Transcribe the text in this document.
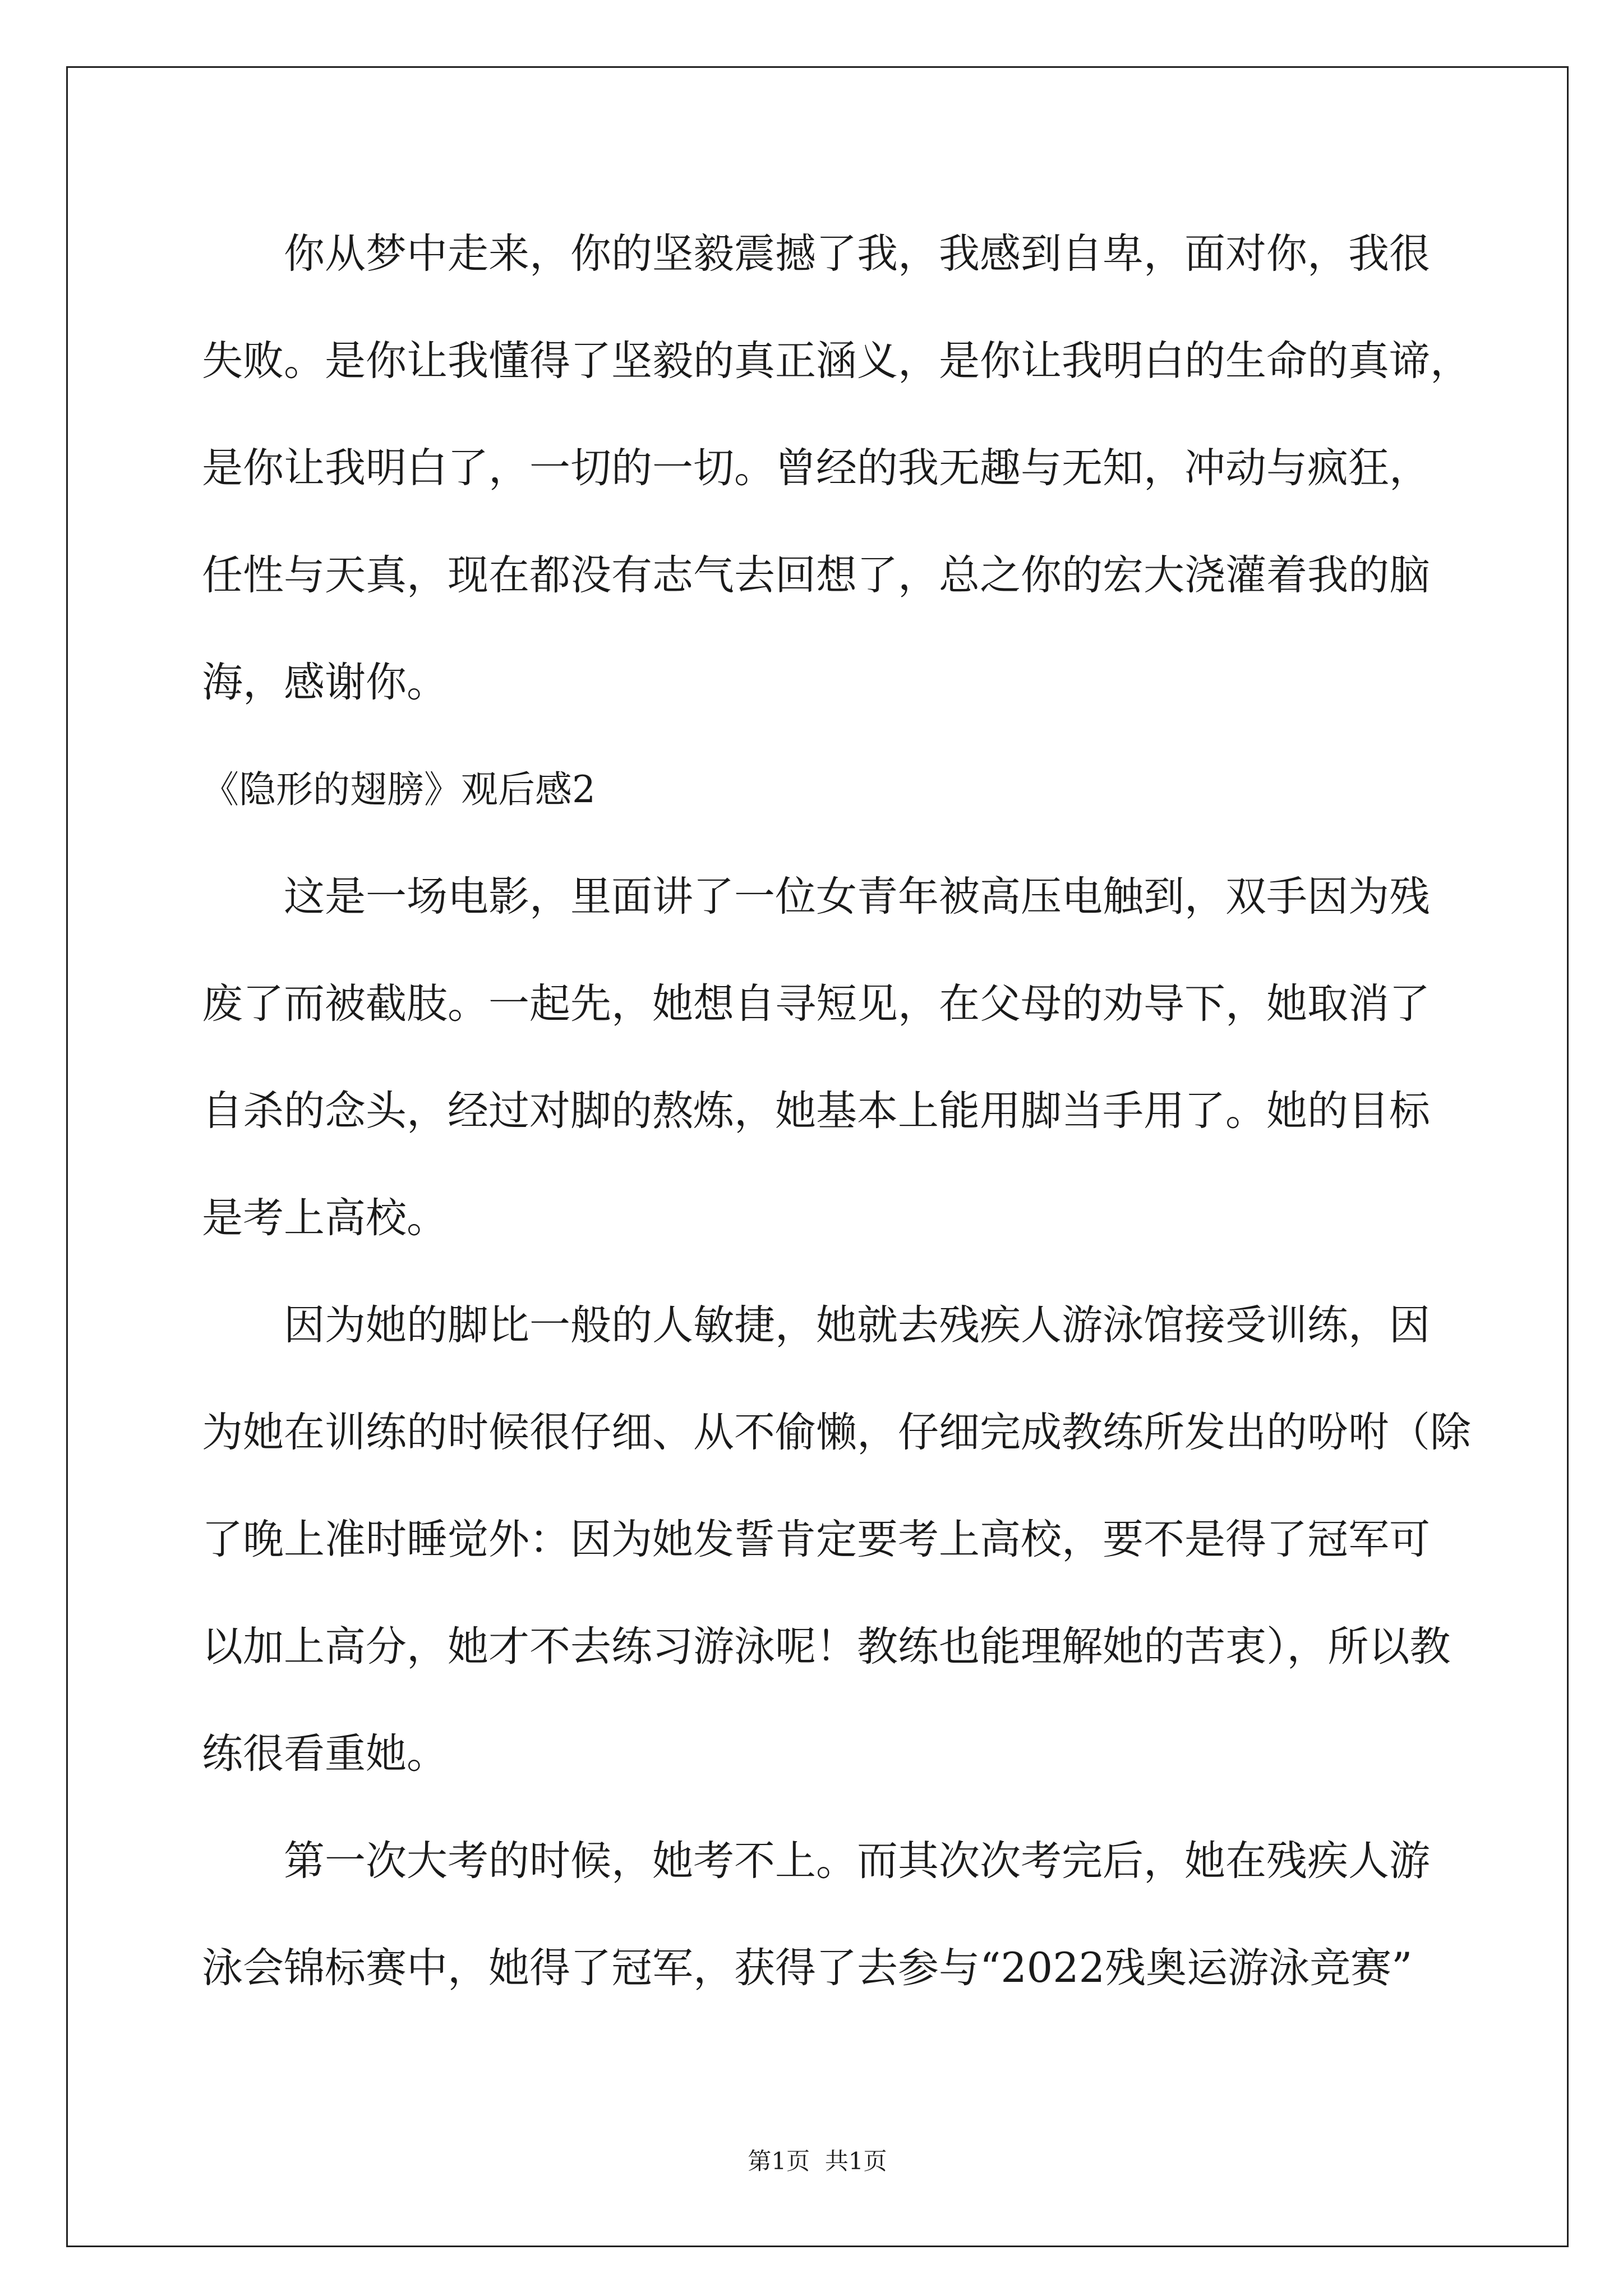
你从梦中走来，你的坚毅震撼了我，我感到自卑，面对你，我很
失败。是你让我懂得了坚毅的真正涵义，是你让我明白的生命的真谛，
是你让我明白了，一切的一切。曾经的我无趣与无知，冲动与疯狂，
任性与天真，现在都没有志气去回想了，总之你的宏大浇灌着我的脑
海，感谢你。
《隐形的翅膀》观后感2
这是一场电影，里面讲了一位女青年被高压电触到，双手因为残
废了而被截肢。一起先，她想自寻短见，在父母的劝导下，她取消了
自杀的念头，经过对脚的熬炼，她基本上能用脚当手用了。她的目标
是考上高校。
因为她的脚比一般的人敏捷，她就去残疾人游泳馆接受训练，因
为她在训练的时候很仔细、从不偷懒，仔细完成教练所发出的吩咐（除
了晚上准时睡觉外：因为她发誓肯定要考上高校，要不是得了冠军可
以加上高分，她才不去练习游泳呢！教练也能理解她的苦衷），所以教
练很看重她。
第一次大考的时候，她考不上。而其次次考完后，她在残疾人游
泳会锦标赛中，她得了冠军，获得了去参与“2022残奥运游泳竞赛”
第1页  共1页
